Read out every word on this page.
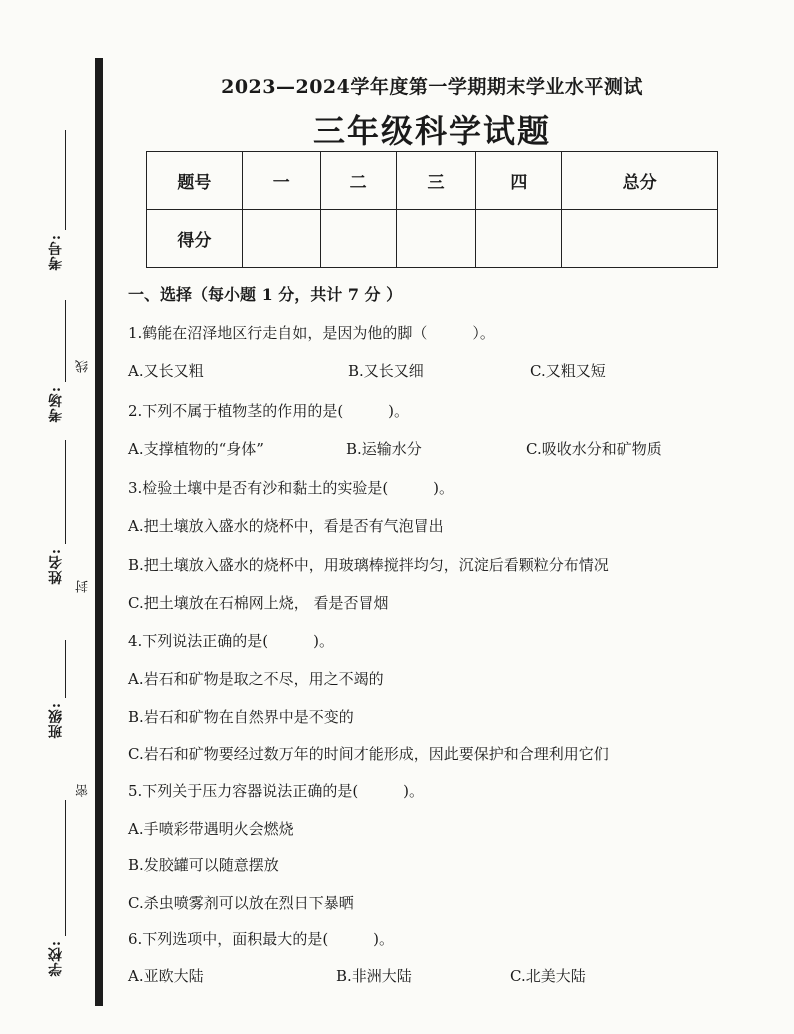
考号:
考场:
线
姓名:
封
班级:
密
学校:
2023—2024学年度第一学期期末学业水平测试
三年级科学试题
题号	一	二	三	四	总分
得分					
一、选择（每小题 1 分，共计 7 分 ）
1.鹤能在沼泽地区行走自如，是因为他的脚（　　　）。
A.又长又粗	B.又长又细	C.又粗又短
2.下列不属于植物茎的作用的是(　　　)。
A.支撑植物的“身体”	B.运输水分	C.吸收水分和矿物质
3.检验土壤中是否有沙和黏土的实验是(　　　)。
A.把土壤放入盛水的烧杯中，看是否有气泡冒出
B.把土壤放入盛水的烧杯中，用玻璃棒搅拌均匀，沉淀后看颗粒分布情况
C.把土壤放在石棉网上烧， 看是否冒烟
4.下列说法正确的是(　　　)。
A.岩石和矿物是取之不尽，用之不竭的
B.岩石和矿物在自然界中是不变的
C.岩石和矿物要经过数万年的时间才能形成，因此要保护和合理利用它们
5.下列关于压力容器说法正确的是(　　　)。
A.手喷彩带遇明火会燃烧
B.发胶罐可以随意摆放
C.杀虫喷雾剂可以放在烈日下暴晒
6.下列选项中，面积最大的是(　　　)。
A.亚欧大陆	B.非洲大陆	C.北美大陆
